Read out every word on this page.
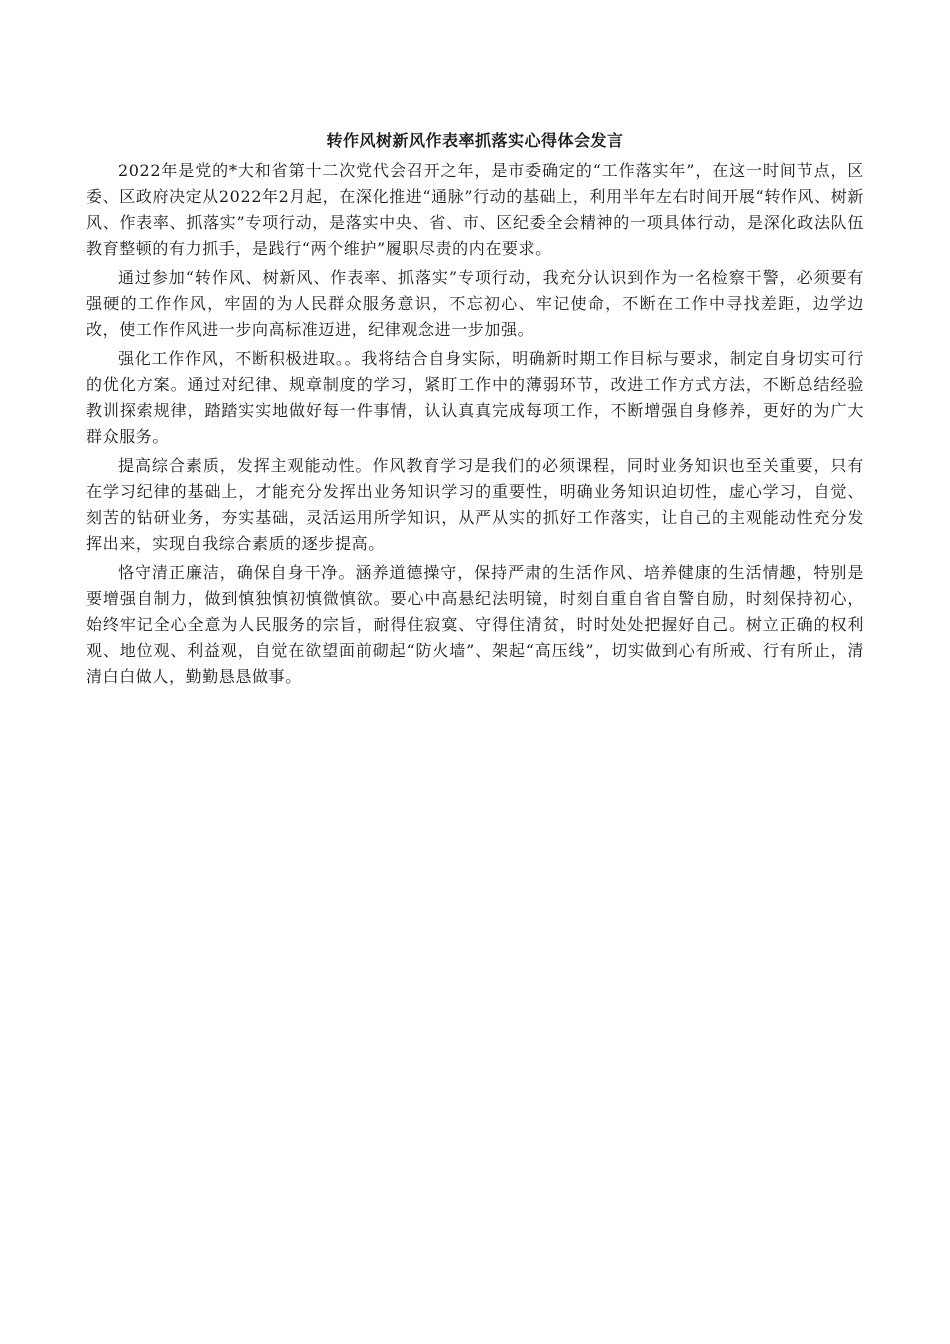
转作风树新风作表率抓落实心得体会发言

2022年是党的*大和省第十二次党代会召开之年，是市委确定的“工作落实年”，在这一时间节点，区委、区政府决定从2022年2月起，在深化推进“通脉”行动的基础上，利用半年左右时间开展“转作风、树新风、作表率、抓落实”专项行动，是落实中央、省、市、区纪委全会精神的一项具体行动，是深化政法队伍教育整顿的有力抓手，是践行“两个维护”履职尽责的内在要求。

通过参加“转作风、树新风、作表率、抓落实”专项行动，我充分认识到作为一名检察干警，必须要有强硬的工作作风，牢固的为人民群众服务意识，不忘初心、牢记使命，不断在工作中寻找差距，边学边改，使工作作风进一步向高标准迈进，纪律观念进一步加强。

强化工作作风，不断积极进取。。我将结合自身实际，明确新时期工作目标与要求，制定自身切实可行的优化方案。通过对纪律、规章制度的学习，紧盯工作中的薄弱环节，改进工作方式方法，不断总结经验教训探索规律，踏踏实实地做好每一件事情，认认真真完成每项工作，不断增强自身修养，更好的为广大群众服务。

提高综合素质，发挥主观能动性。作风教育学习是我们的必须课程，同时业务知识也至关重要，只有在学习纪律的基础上，才能充分发挥出业务知识学习的重要性，明确业务知识迫切性，虚心学习，自觉、刻苦的钻研业务，夯实基础，灵活运用所学知识，从严从实的抓好工作落实，让自己的主观能动性充分发挥出来，实现自我综合素质的逐步提高。

恪守清正廉洁，确保自身干净。涵养道德操守，保持严肃的生活作风、培养健康的生活情趣，特别是要增强自制力，做到慎独慎初慎微慎欲。要心中高悬纪法明镜，时刻自重自省自警自励，时刻保持初心，始终牢记全心全意为人民服务的宗旨，耐得住寂寞、守得住清贫，时时处处把握好自己。树立正确的权利观、地位观、利益观，自觉在欲望面前砌起“防火墙”、架起“高压线”，切实做到心有所戒、行有所止，清清白白做人，勤勤恳恳做事。
